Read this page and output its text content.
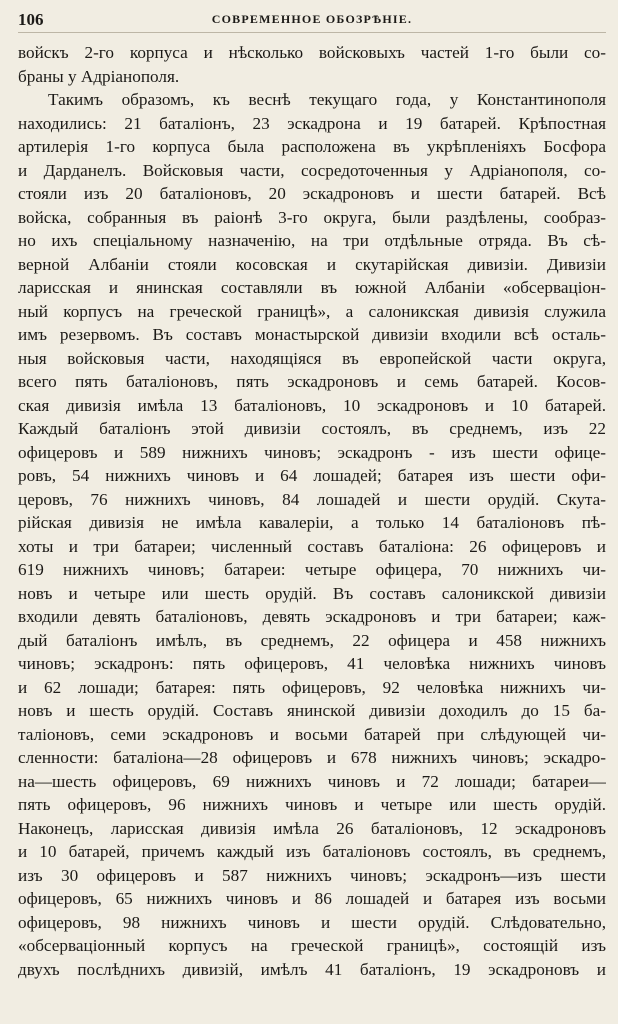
106	СОВРЕМЕННОЕ ОБОЗРѢНІЕ.
войскъ 2-го корпуса и нѣсколько войсковыхъ частей 1-го были со-
браны у Адріанополя.
Такимъ образомъ, къ веснѣ текущаго года, у Константинополя
находились: 21 баталіонъ, 23 эскадрона и 19 батарей. Крѣпостная
артилерія 1-го корпуса была расположена въ укрѣпленіяхъ Босфора
и Дарданелъ. Войсковыя части, сосредоточенныя у Адріанополя, со-
стояли изъ 20 баталіоновъ, 20 эскадроновъ и шести батарей. Всѣ
войска, собранныя въ раіонѣ 3-го округа, были раздѣлены, сообраз-
но ихъ спеціальному назначенію, на три отдѣльные отряда. Въ сѣ-
верной Албаніи стояли косовская и скутарійская дивизіи. Дивизіи
ларисская и янинская составляли въ южной Албаніи «обсерваціон-
ный корпусъ на греческой границѣ», а салоникская дивизія служила
имъ резервомъ. Въ составъ монастырской дивизіи входили всѣ осталь-
ныя войсковыя части, находящіяся въ европейской части округа,
всего пять баталіоновъ, пять эскадроновъ и семь батарей. Косов-
ская дивизія имѣла 13 баталіоновъ, 10 эскадроновъ и 10 батарей.
Каждый баталіонъ этой дивизіи состоялъ, въ среднемъ, изъ 22
офицеровъ и 589 нижнихъ чиновъ; эскадронъ - изъ шести офице-
ровъ, 54 нижнихъ чиновъ и 64 лошадей; батарея изъ шести офи-
церовъ, 76 нижнихъ чиновъ, 84 лошадей и шести орудій. Скута-
рійская дивизія не имѣла кавалеріи, а только 14 баталіоновъ пѣ-
хоты и три батареи; численный составъ баталіона: 26 офицеровъ и
619 нижнихъ чиновъ; батареи: четыре офицера, 70 нижнихъ чи-
новъ и четыре или шесть орудій. Въ составъ салоникской дивизіи
входили девять баталіоновъ, девять эскадроновъ и три батареи; каж-
дый баталіонъ имѣлъ, въ среднемъ, 22 офицера и 458 нижнихъ
чиновъ; эскадронъ: пять офицеровъ, 41 человѣка нижнихъ чиновъ
и 62 лошади; батарея: пять офицеровъ, 92 человѣка нижнихъ чи-
новъ и шесть орудій. Составъ янинской дивизіи доходилъ до 15 ба-
таліоновъ, семи эскадроновъ и восьми батарей при слѣдующей чи-
сленности: баталіона—28 офицеровъ и 678 нижнихъ чиновъ; эскадро-
на—шесть офицеровъ, 69 нижнихъ чиновъ и 72 лошади; батареи—
пять офицеровъ, 96 нижнихъ чиновъ и четыре или шесть орудій.
Наконецъ, ларисская дивизія имѣла 26 баталіоновъ, 12 эскадроновъ
и 10 батарей, причемъ каждый изъ баталіоновъ состоялъ, въ среднемъ,
изъ 30 офицеровъ и 587 нижнихъ чиновъ; эскадронъ—изъ шести
офицеровъ, 65 нижнихъ чиновъ и 86 лошадей и батарея изъ восьми
офицеровъ, 98 нижнихъ чиновъ и шести орудій. Слѣдовательно,
«обсерваціонный корпусъ на греческой границѣ», состоящій изъ
двухъ послѣднихъ дивизій, имѣлъ 41 баталіонъ, 19 эскадроновъ и
